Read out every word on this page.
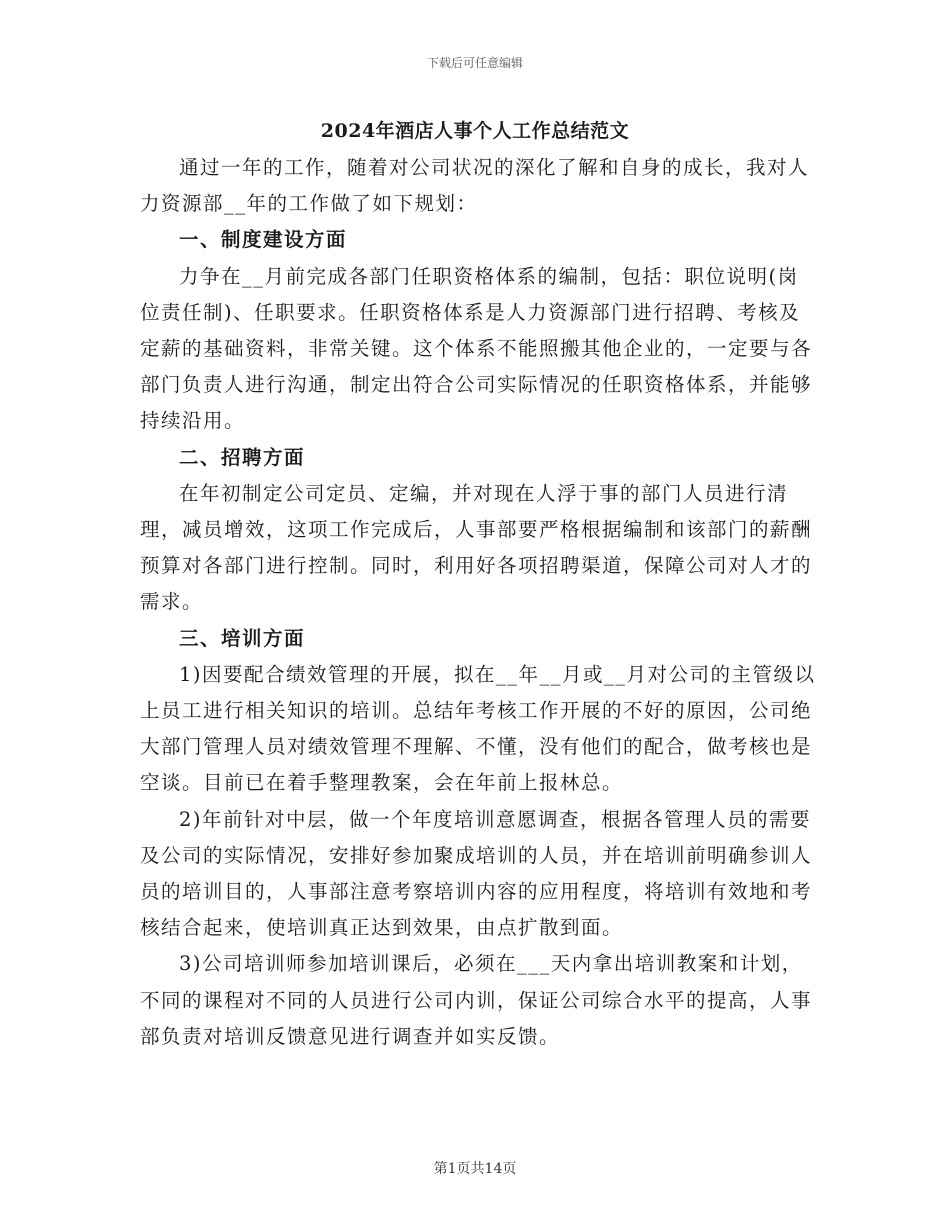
下载后可任意编辑
2024年酒店人事个人工作总结范文

通过一年的工作，随着对公司状况的深化了解和自身的成长，我对人力资源部__年的工作做了如下规划：

一、制度建设方面

力争在__月前完成各部门任职资格体系的编制，包括：职位说明(岗位责任制)、任职要求。任职资格体系是人力资源部门进行招聘、考核及定薪的基础资料，非常关键。这个体系不能照搬其他企业的，一定要与各部门负责人进行沟通，制定出符合公司实际情况的任职资格体系，并能够持续沿用。

二、招聘方面

在年初制定公司定员、定编，并对现在人浮于事的部门人员进行清理，减员增效，这项工作完成后，人事部要严格根据编制和该部门的薪酬预算对各部门进行控制。同时，利用好各项招聘渠道，保障公司对人才的需求。

三、培训方面

1)因要配合绩效管理的开展，拟在__年__月或__月对公司的主管级以上员工进行相关知识的培训。总结年考核工作开展的不好的原因，公司绝大部门管理人员对绩效管理不理解、不懂，没有他们的配合，做考核也是空谈。目前已在着手整理教案，会在年前上报林总。

2)年前针对中层，做一个年度培训意愿调查，根据各管理人员的需要及公司的实际情况，安排好参加聚成培训的人员，并在培训前明确参训人员的培训目的，人事部注意考察培训内容的应用程度，将培训有效地和考核结合起来，使培训真正达到效果，由点扩散到面。

3)公司培训师参加培训课后，必须在___天内拿出培训教案和计划，不同的课程对不同的人员进行公司内训，保证公司综合水平的提高，人事部负责对培训反馈意见进行调查并如实反馈。

第1页共14页
